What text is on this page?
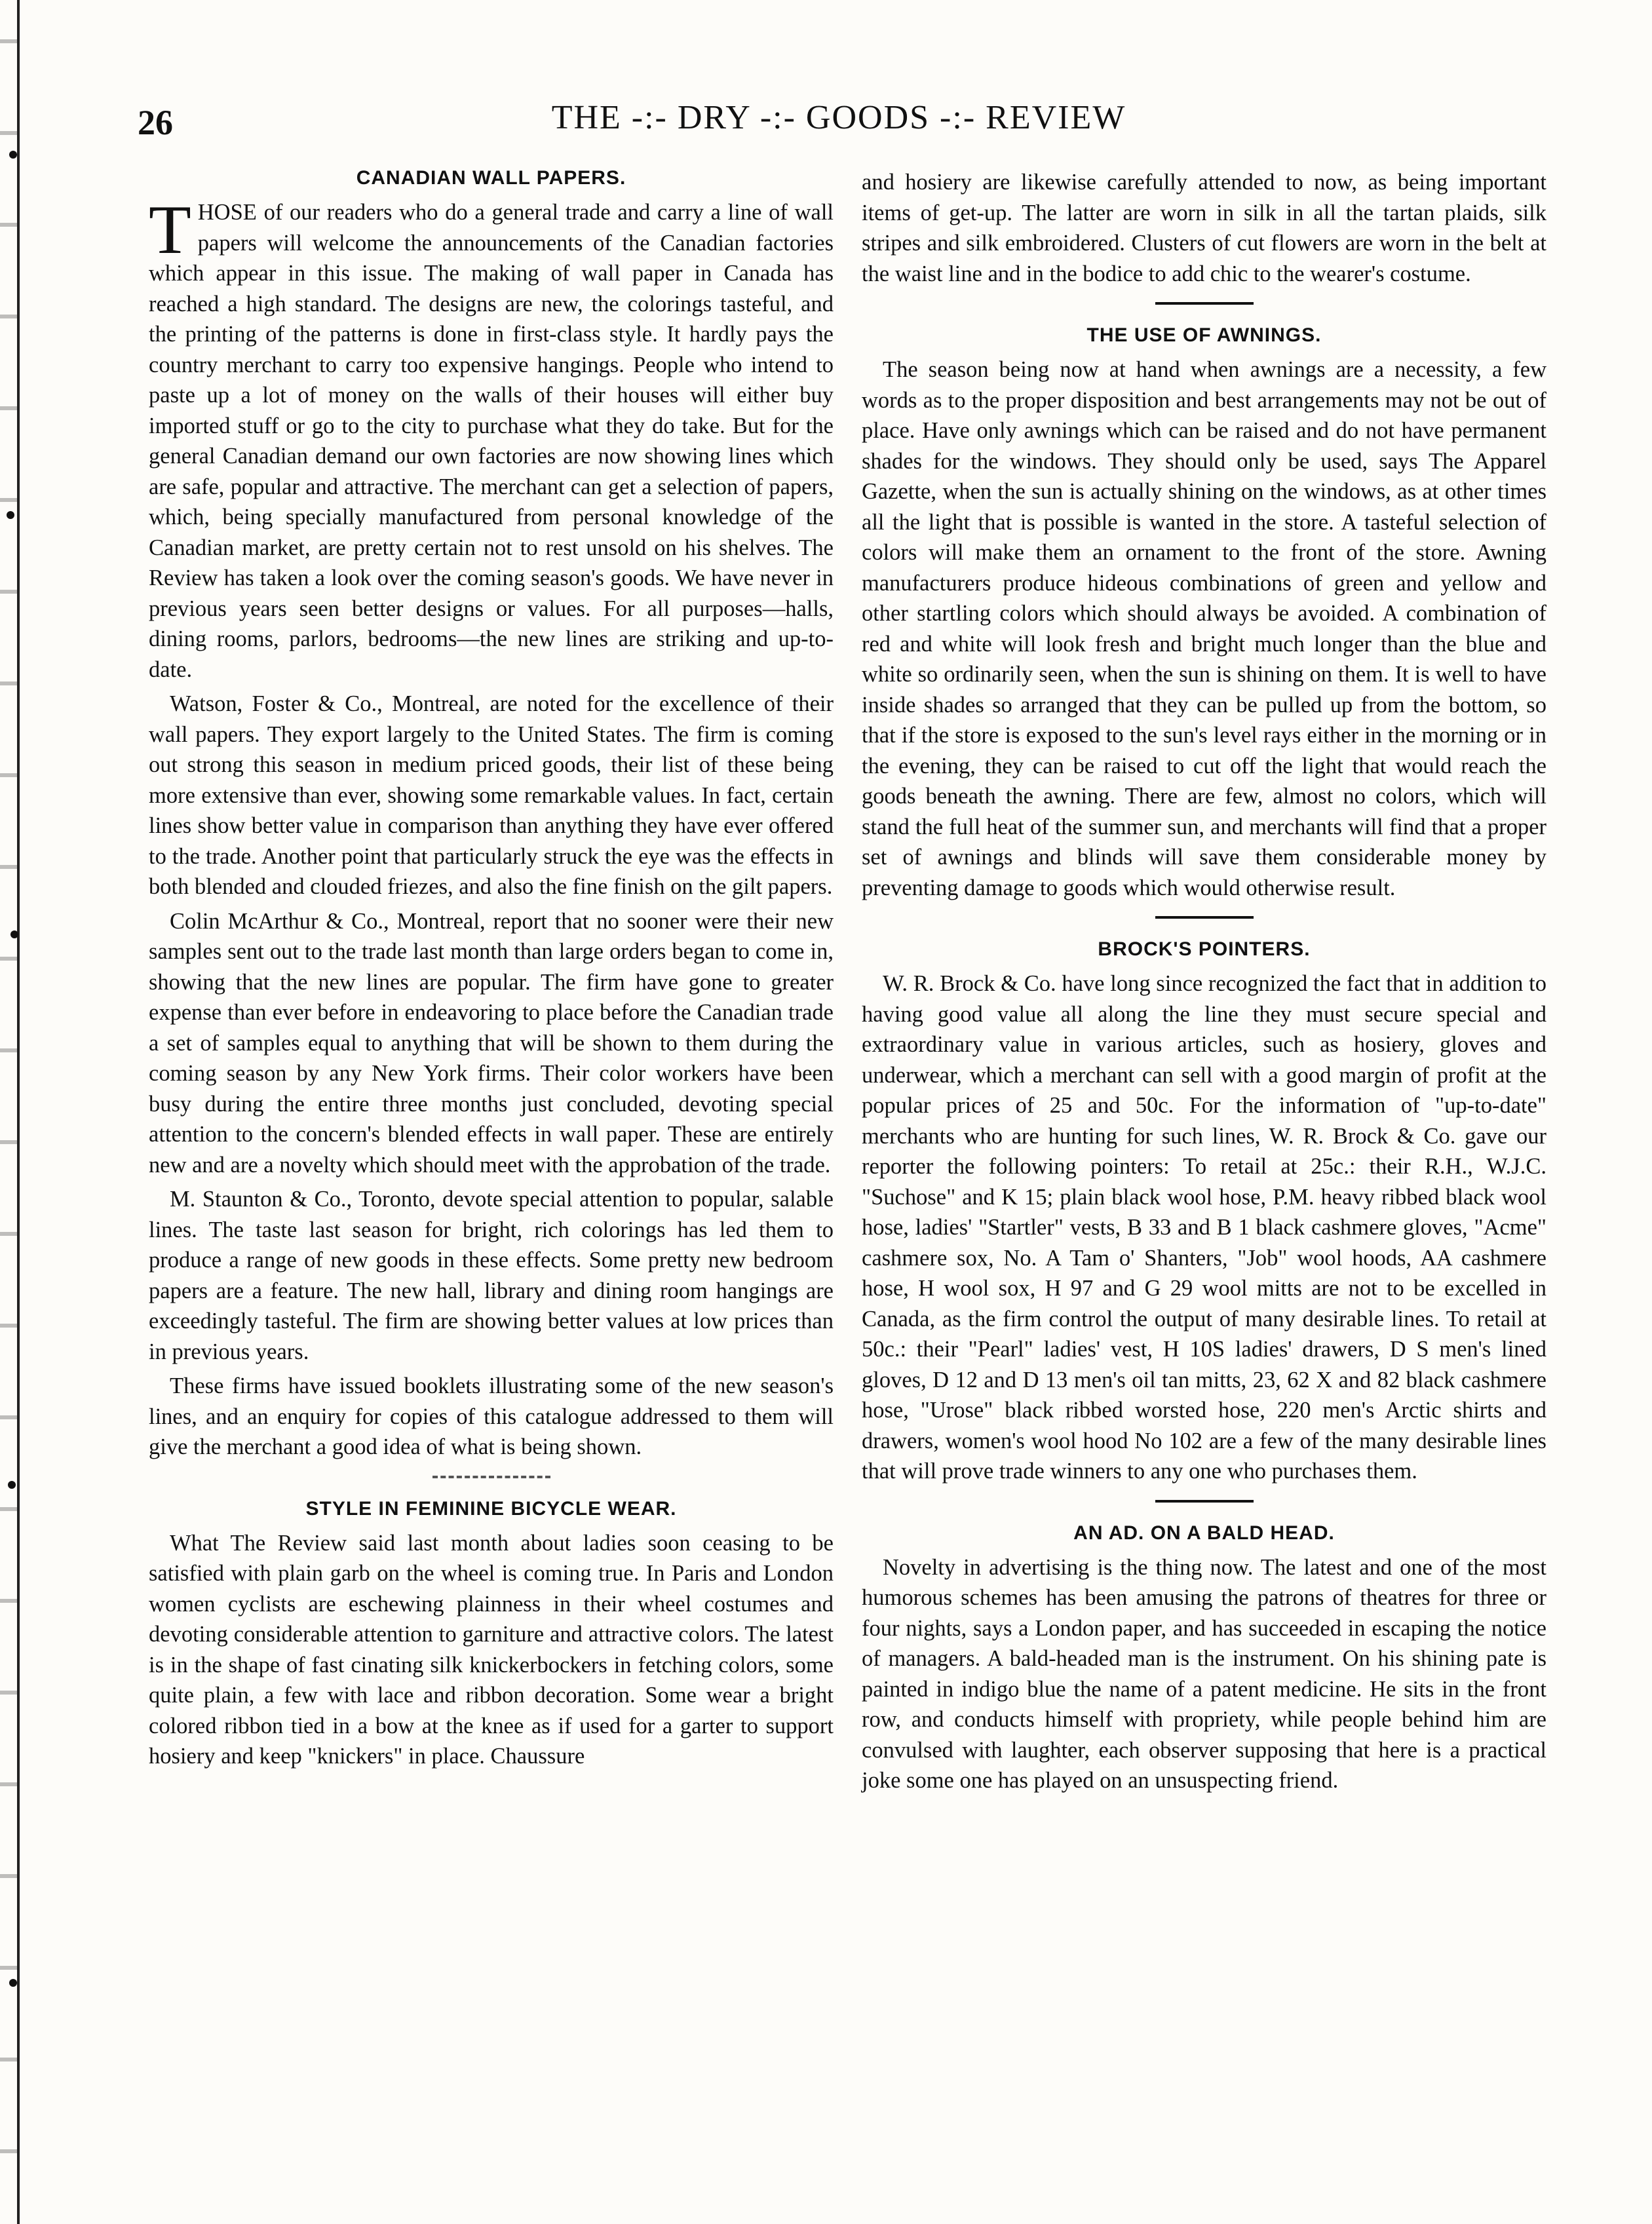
26	THE -:- DRY -:- GOODS -:- REVIEW
CANADIAN WALL PAPERS.

THOSE of our readers who do a general trade and carry a line of wall papers will welcome the announcements of the Canadian factories which appear in this issue. The making of wall paper in Canada has reached a high standard. The designs are new, the colorings tasteful, and the printing of the patterns is done in first-class style. It hardly pays the country merchant to carry too expensive hangings. People who intend to paste up a lot of money on the walls of their houses will either buy imported stuff or go to the city to purchase what they do take. But for the general Canadian demand our own factories are now showing lines which are safe, popular and attractive. The merchant can get a selection of papers, which, being specially manufactured from personal knowledge of the Canadian market, are pretty certain not to rest unsold on his shelves. The Review has taken a look over the coming season's goods. We have never in previous years seen better designs or values. For all purposes—halls, dining rooms, parlors, bedrooms—the new lines are striking and up-to-date.

Watson, Foster & Co., Montreal, are noted for the excellence of their wall papers. They export largely to the United States. The firm is coming out strong this season in medium priced goods, their list of these being more extensive than ever, showing some remarkable values. In fact, certain lines show better value in comparison than anything they have ever offered to the trade. Another point that particularly struck the eye was the effects in both blended and clouded friezes, and also the fine finish on the gilt papers.

Colin McArthur & Co., Montreal, report that no sooner were their new samples sent out to the trade last month than large orders began to come in, showing that the new lines are popular. The firm have gone to greater expense than ever before in endeavoring to place before the Canadian trade a set of samples equal to anything that will be shown to them during the coming season by any New York firms. Their color workers have been busy during the entire three months just concluded, devoting special attention to the concern's blended effects in wall paper. These are entirely new and are a novelty which should meet with the approbation of the trade.

M. Staunton & Co., Toronto, devote special attention to popular, salable lines. The taste last season for bright, rich colorings has led them to produce a range of new goods in these effects. Some pretty new bedroom papers are a feature. The new hall, library and dining room hangings are exceedingly tasteful. The firm are showing better values at low prices than in previous years.

These firms have issued booklets illustrating some of the new season's lines, and an enquiry for copies of this catalogue addressed to them will give the merchant a good idea of what is being shown.

STYLE IN FEMININE BICYCLE WEAR.

What The Review said last month about ladies soon ceasing to be satisfied with plain garb on the wheel is coming true. In Paris and London women cyclists are eschewing plainness in their wheel costumes and devoting considerable attention to garniture and attractive colors. The latest is in the shape of fast cinating silk knickerbockers in fetching colors, some quite plain, a few with lace and ribbon decoration. Some wear a bright colored ribbon tied in a bow at the knee as if used for a garter to support hosiery and keep "knickers" in place. Chaussure

and hosiery are likewise carefully attended to now, as being important items of get-up. The latter are worn in silk in all the tartan plaids, silk stripes and silk embroidered. Clusters of cut flowers are worn in the belt at the waist line and in the bodice to add chic to the wearer's costume.

THE USE OF AWNINGS.

The season being now at hand when awnings are a necessity, a few words as to the proper disposition and best arrangements may not be out of place. Have only awnings which can be raised and do not have permanent shades for the windows. They should only be used, says The Apparel Gazette, when the sun is actually shining on the windows, as at other times all the light that is possible is wanted in the store. A tasteful selection of colors will make them an ornament to the front of the store. Awning manufacturers produce hideous combinations of green and yellow and other startling colors which should always be avoided. A combination of red and white will look fresh and bright much longer than the blue and white so ordinarily seen, when the sun is shining on them. It is well to have inside shades so arranged that they can be pulled up from the bottom, so that if the store is exposed to the sun's level rays either in the morning or in the evening, they can be raised to cut off the light that would reach the goods beneath the awning. There are few, almost no colors, which will stand the full heat of the summer sun, and merchants will find that a proper set of awnings and blinds will save them considerable money by preventing damage to goods which would otherwise result.

BROCK'S POINTERS.

W. R. Brock & Co. have long since recognized the fact that in addition to having good value all along the line they must secure special and extraordinary value in various articles, such as hosiery, gloves and underwear, which a merchant can sell with a good margin of profit at the popular prices of 25 and 50c. For the information of "up-to-date" merchants who are hunting for such lines, W. R. Brock & Co. gave our reporter the following pointers: To retail at 25c.: their R.H., W.J.C. "Suchose" and K 15; plain black wool hose, P.M. heavy ribbed black wool hose, ladies' "Startler" vests, B 33 and B 1 black cashmere gloves, "Acme" cashmere sox, No. A Tam o' Shanters, "Job" wool hoods, AA cashmere hose, H wool sox, H 97 and G 29 wool mitts are not to be excelled in Canada, as the firm control the output of many desirable lines. To retail at 50c.: their "Pearl" ladies' vest, H 10S ladies' drawers, D S men's lined gloves, D 12 and D 13 men's oil tan mitts, 23, 62 X and 82 black cashmere hose, "Urose" black ribbed worsted hose, 220 men's Arctic shirts and drawers, women's wool hood No 102 are a few of the many desirable lines that will prove trade winners to any one who purchases them.

AN AD. ON A BALD HEAD.

Novelty in advertising is the thing now. The latest and one of the most humorous schemes has been amusing the patrons of theatres for three or four nights, says a London paper, and has succeeded in escaping the notice of managers. A bald-headed man is the instrument. On his shining pate is painted in indigo blue the name of a patent medicine. He sits in the front row, and conducts himself with propriety, while people behind him are convulsed with laughter, each observer supposing that here is a practical joke some one has played on an unsuspecting friend.
